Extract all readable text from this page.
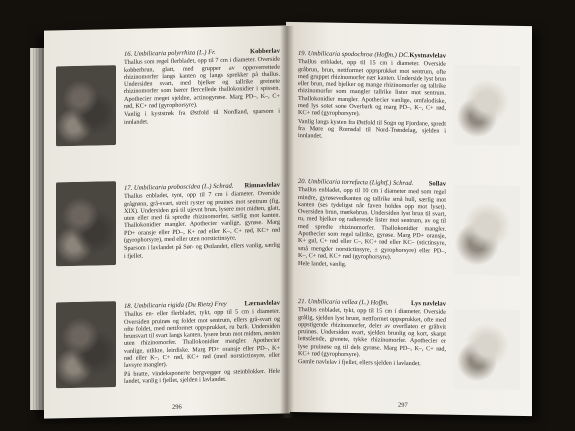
16. Umbilicaria polyrrhiza (L.) Fr.	Kobberlav

Thallus som regel flerbladet, opp til 7 cm i diameter. Overside kobberbrun, glatt, med grupper av oppoverrettede rhizinomorfer langs kanten og langs sprekker på thallus. Undersiden svart, med bjelker og tallrike greinete rhizinomorfer som bærer flercellede thallokonidier i spissen. Apothecier meget sjeldne, actinogyrøse. Marg PD–, K–, C+ rød, KC+ rød (gyrophorsyre).

Vanlig i kyststrøk fra Østfold til Nordland, sparsom i innlandet.

17. Umbilicaria proboscidea (L.) Schrad. Rimnavlelav

Thallus enbladet, tynt, opp til 7 cm i diameter. Overside grågrønn, grå-svart, streit ryster og pruines mot sentrum (fig. XIX). Undersiden grå til ujevnt brun, lysere mot midten, glatt, uten eller med få spredte rhizinomorfer, særlig mot kanten. Thallokonidier mangler. Apothecier vanlige, gyrøse. Marg PD+ oransje eller PD–, K+ rød eller K–, C+ rød, KC+ rød (gyrophorsyre), med eller uten norstictinsyre.

Sparsom i lavlandet på Sør- og Østlandet, ellers vanlig, særlig i fjellet.

18. Umbilicaria rigida (Du Rietz) Frey	Lærnavlelav

Thallus en- eller flerbladet, tykt, opp til 5 cm i diameter. Oversiden pruinøs og foldet mot sentrum, ellers grå-svart og ofte foldet, med nettformet oppsprukket, ru bark. Undersiden brunsvart til svart langs kanten, lysere brun mot midten, nesten uten rhizinomorfer. Thallokonidier mangler. Apothecier vanlige, utlikte, leirdiske. Marg PD+ oransje eller PD–, K+ rød eller K–, C+ rød, KC+ rød (med norstictinsyre, eller lavsyre mangler).

På bratte, vindeksponerte bergvegger og steinblokker. Hele landet, vanlig i fjellet, sjelden i lavlandet.

296
19. Umbilicaria spodochroa (Hoffm.) DC. Kystnavlelav

Thallus enbladet, opp til 15 cm i diameter. Overside gråbrun, brun, nettformet oppsprukket mot sentrum, ofte med gruppet rhizinomorfer nær kanten. Underside lyst brun eller brun, med bjelker og mange rhizinomorfer og tallrike rhizinomorfer som mangler tallrike lister mot sentrum. Thallokonidier mangler. Apothecier vanlige, omfalodiske, med lys sotet sone Overbark og marg PD–, K–, C+ rød, KC+ rød (gyrophorsyre).

Vanlig langs kysten fra Østfold til Sogn og Fjordane, spredt fra Møre og Romsdal til Nord-Trøndelag, sjelden i innlandet.

20. Umbilicaria torrefacta (Lightf.) Schrad. Sollav

Thallus enbladet, opp til 10 cm i diameter med som regel mindre, gyrøsevedkanten og tallrike små hull, særlig mot kanten (ses tydeligst når faven holdes opp mot lyset). Oversiden brun, mørkebrun. Undersiden lyst brun til svart, ru, med bjelker og radierende lister mot sentrum, av og til med spredte rhizinomorfer. Thallokonidier mangler. Apothecier som regel tallrike, gyrøse. Marg PD+ oransje, K+ gul, C+ rød eller C–, KC+ rød eller KC– (stictinsyre, små mengder norstictinsyre, ± gyrophorsyre) eller PD–, K–, C+ rød, KC+ rød (gyrophorsyre).

Hele landet, vanlig.

21. Umbilicaria vellea (L.) Hoffm.	Lys navlelav

Thallus enbladet, tykt, opp til 15 cm i diameter. Overside grålig, sjelden lyst brunt, nettformet oppsprukket, ofte med oppstigende rhizinomorfer, deler av overflaten er gråhvit pruinøs. Undersiden svart, sjelden brunlig og kort, skarpt lettstående, grenete, tykke rhizinomorfer. Apothecier er lyse pruinøse og til dels gyrøse. Marg PD–, K–, C+ rød, KC+ rød (gyrophorsyre).

Gamle navlelav i fjellet, ellers sjelden i lavlandet.

297
